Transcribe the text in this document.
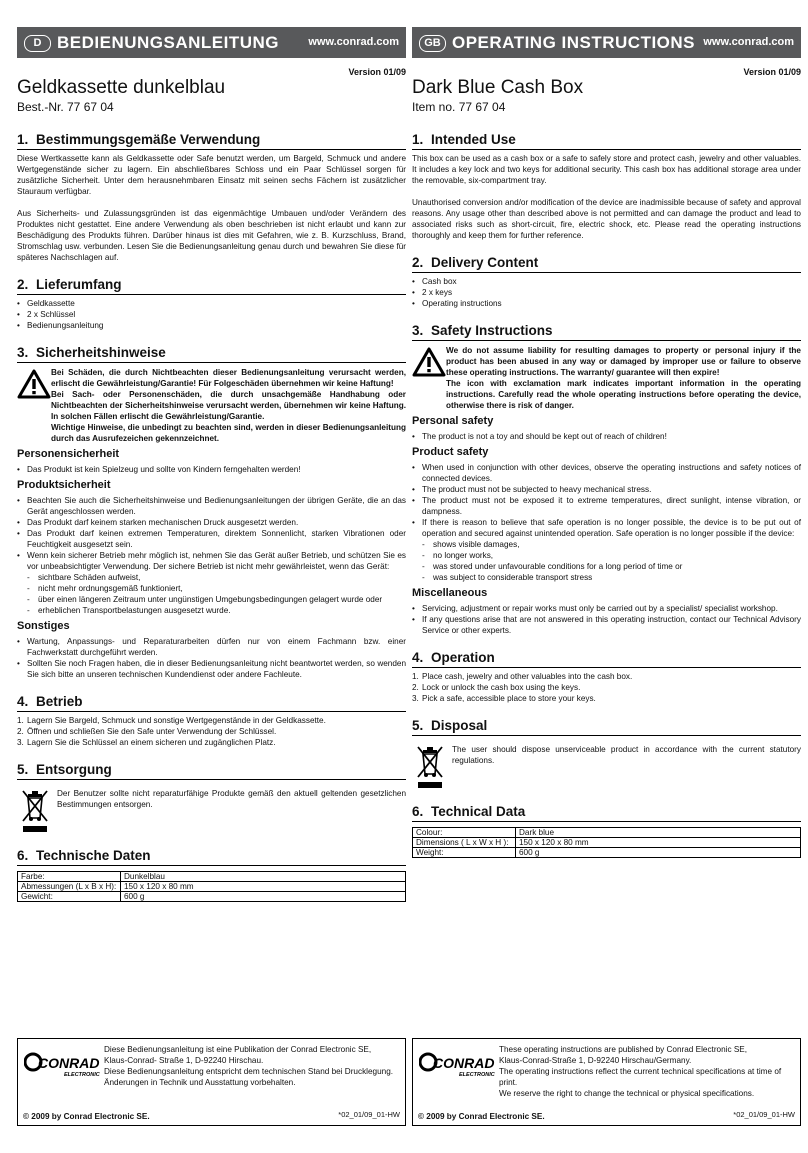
D BEDIENUNGSANLEITUNG	www.conrad.com
Version 01/09
Geldkassette dunkelblau
Best.-Nr. 77 67 04
1. Bestimmungsgemäße Verwendung

Diese Wertkassette kann als Geldkassette oder Safe benutzt werden, um Bargeld, Schmuck und andere Wertgegenstände sicher zu lagern. Ein abschließbares Schloss und ein Paar Schlüssel sorgen für zusätzliche Sicherheit. Unter dem herausnehmbaren Einsatz mit seinen sechs Fächern ist zusätzlicher Stauraum verfügbar.

Aus Sicherheits- und Zulassungsgründen ist das eigenmächtige Umbauen und/oder Verändern des Produktes nicht gestattet. Eine andere Verwendung als oben beschrieben ist nicht erlaubt und kann zur Beschädigung des Produkts führen. Darüber hinaus ist dies mit Gefahren, wie z. B. Kurzschluss, Brand, Stromschlag usw. verbunden. Lesen Sie die Bedienungsanleitung genau durch und bewahren Sie diese für späteres Nachschlagen auf.

2. Lieferumfang
• Geldkassette
• 2 x Schlüssel
• Bedienungsanleitung
3. Sicherheitshinweise

Bei Schäden, die durch Nichtbeachten dieser Bedienungsanleitung verursacht werden, erlischt die Gewährleistung/Garantie! Für Folgeschäden übernehmen wir keine Haftung!

Bei Sach- oder Personenschäden, die durch unsachgemäße Handhabung oder Nichtbeachten der Sicherheitshinweise verursacht werden, übernehmen wir keine Haftung. In solchen Fällen erlischt die Gewährleistung/Garantie.

Wichtige Hinweise, die unbedingt zu beachten sind, werden in dieser Bedienungsanleitung durch das Ausrufezeichen gekennzeichnet.

Personensicherheit
• Das Produkt ist kein Spielzeug und sollte von Kindern ferngehalten werden!
Produktsicherheit
• Beachten Sie auch die Sicherheitshinweise und Bedienungsanleitungen der übrigen Geräte, die an das Gerät angeschlossen werden.
• Das Produkt darf keinem starken mechanischen Druck ausgesetzt werden.
• Das Produkt darf keinen extremen Temperaturen, direktem Sonnenlicht, starken Vibrationen oder Feuchtigkeit ausgesetzt sein.
• Wenn kein sicherer Betrieb mehr möglich ist, nehmen Sie das Gerät außer Betrieb, und schützen Sie es vor unbeabsichtigter Verwendung. Der sichere Betrieb ist nicht mehr gewährleistet, wenn das Gerät:
- sichtbare Schäden aufweist,
- nicht mehr ordnungsgemäß funktioniert,
- über einen längeren Zeitraum unter ungünstigen Umgebungsbedingungen gelagert wurde oder
- erheblichen Transportbelastungen ausgesetzt wurde.
Sonstiges
• Wartung, Anpassungs- und Reparaturarbeiten dürfen nur von einem Fachmann bzw. einer Fachwerkstatt durchgeführt werden.
• Sollten Sie noch Fragen haben, die in dieser Bedienungsanleitung nicht beantwortet werden, so wenden Sie sich bitte an unseren technischen Kundendienst oder andere Fachleute.
4. Betrieb
1. Lagern Sie Bargeld, Schmuck und sonstige Wertgegenstände in der Geldkassette.
2. Öffnen und schließen Sie den Safe unter Verwendung der Schlüssel.
3. Lagern Sie die Schlüssel an einem sicheren und zugänglichen Platz.
5. Entsorgung

Der Benutzer sollte nicht reparaturfähige Produkte gemäß den aktuell geltenden gesetzlichen Bestimmungen entsorgen.

6. Technische Daten
Farbe:	Dunkelblau
Abmessungen (L x B x H):	150 x 120 x 80 mm
Gewicht:	600 g
GB OPERATING INSTRUCTIONS www.conrad.com
Version 01/09
Dark Blue Cash Box
Item no. 77 67 04
1. Intended Use

This box can be used as a cash box or a safe to safely store and protect cash, jewelry and other valuables. It includes a key lock and two keys for additional security. This cash box has additional storage area under the removable, six-compartment tray.

Unauthorised conversion and/or modification of the device are inadmissible because of safety and approval reasons. Any usage other than described above is not permitted and can damage the product and lead to associated risks such as short-circuit, fire, electric shock, etc. Please read the operating instructions thoroughly and keep them for further reference.

2. Delivery Content
• Cash box
• 2 x keys
• Operating instructions
3. Safety Instructions

We do not assume liability for resulting damages to property or personal injury if the product has been abused in any way or damaged by improper use or failure to observe these operating instructions. The warranty/ guarantee will then expire!

The icon with exclamation mark indicates important information in the operating instructions. Carefully read the whole operating instructions before operating the device, otherwise there is risk of danger.

Personal safety
• The product is not a toy and should be kept out of reach of children!
Product safety
• When used in conjunction with other devices, observe the operating instructions and safety notices of connected devices.
• The product must not be subjected to heavy mechanical stress.
• The product must not be exposed it to extreme temperatures, direct sunlight, intense vibration, or dampness.
• If there is reason to believe that safe operation is no longer possible, the device is to be put out of operation and secured against unintended operation. Safe operation is no longer possible if the device:
- shows visible damages,
- no longer works,
- was stored under unfavourable conditions for a long period of time or
- was subject to considerable transport stress
Miscellaneous
• Servicing, adjustment or repair works must only be carried out by a specialist/ specialist workshop.
• If any questions arise that are not answered in this operating instruction, contact our Technical Advisory Service or other experts.
4. Operation
1. Place cash, jewelry and other valuables into the cash box.
2. Lock or unlock the cash box using the keys.
3. Pick a safe, accessible place to store your keys.
5. Disposal

The user should dispose unserviceable product in accordance with the current statutory regulations.

6. Technical Data
Colour:	Dark blue
Dimensions ( L x W x H ):	150 x 120 x 80 mm
Weight:	600 g
CONRAD
ELECTRONIC
Diese Bedienungsanleitung ist eine Publikation der Conrad Electronic SE,
Klaus-Conrad- Straße 1, D-92240 Hirschau.
Diese Bedienungsanleitung entspricht dem technischen Stand bei Drucklegung.
Änderungen in Technik und Ausstattung vorbehalten.
© 2009 by Conrad Electronic SE.	*02_01/09_01-HW
CONRAD
ELECTRONIC
These operating instructions are published by Conrad Electronic SE,
Klaus-Conrad-Straße 1, D-92240 Hirschau/Germany.
The operating instructions reflect the current technical specifications at time of print.
We reserve the right to change the technical or physical specifications.
© 2009 by Conrad Electronic SE.	*02_01/09_01-HW
